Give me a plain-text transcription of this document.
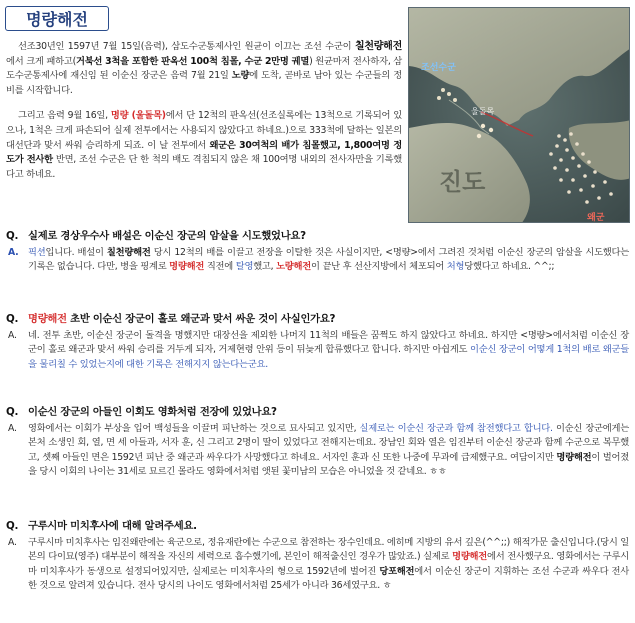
명량해전

선조30년인 1597년 7월 15일(음력), 삼도수군통제사인 원균이 이끄는 조선 수군이 칠천량해전에서 크게 패하고(거북선 3척을 포함한 판옥선 100척 침몰, 수군 2만명 궤멸) 원균마저 전사하자, 삼도수군통제사에 재신임 된 이순신 장군은 음력 7월 21일 노량에 도착, 곧바로 남아 있는 수군들의 정비를 시작합니다.

그리고 음력 9월 16일, 명량 (울돌목)에서 단 12척의 판옥선(선조실록에는 13척으로 기록되어 있으나, 1척은 크게 파손되어 실제 전투에서는 사용되지 않았다고 하네요.)으로 333척에 달하는 일본의 대선단과 맞서 싸워 승리하게 되죠. 이 날 전투에서 왜군은 30여척의 배가 침몰했고, 1,800여명 정도가 전사한 반면, 조선 수군은 단 한 척의 배도 격침되지 않은 채 100여명 내외의 전사자만을 기록했다고 하네요.

조선수군
울돌목
진도
왜군
Q. 실제로 경상우수사 배설은 이순신 장군의 암살을 시도했었나요?
A.	픽션입니다. 배설이 칠천량해전 당시 12척의 배를 이끌고 전장을 이탈한 것은 사실이지만, <명량>에서 그려진 것처럼 이순신 장군의 암살을 시도했다는 기록은 없습니다. 다만, 병을 핑계로 명량해전 직전에 탈영했고, 노량해전이 끝난 후 선산지방에서 체포되어 처형당했다고 하네요. ^^;;
Q. 명량해전 초반 이순신 장군이 홀로 왜군과 맞서 싸운 것이 사실인가요?
A.	네. 전투 초반, 이순신 장군이 돌격을 명했지만 대장선을 제외한 나머지 11척의 배들은 꿈쩍도 하지 않았다고 하네요. 하지만 <명량>에서처럼 이순신 장군이 홀로 왜군과 맞서 싸워 승리를 거두게 되자, 거제현령 안위 등이 뒤늦게 합류했다고 합니다. 하지만 아쉽게도 이순신 장군이 어떻게 1척의 배로 왜군들을 물리칠 수 있었는지에 대한 기록은 전해지지 않는다는군요.
Q. 이순신 장군의 아들인 이회도 영화처럼 전장에 있었나요?
A.	영화에서는 이회가 부상을 입어 백성들을 이끌며 피난하는 것으로 묘사되고 있지만, 실제로는 이순신 장군과 함께 참전했다고 합니다. 이순신 장군에게는 본처 소생인 회, 열, 면 세 아들과, 서자 훈, 신 그리고 2명이 딸이 있었다고 전해지는데요. 장남인 회와 열은 임진부터 이순신 장군과 함께 수군으로 복무했고, 셋째 아들인 면은 1592년 피난 중 왜군과 싸우다가 사망했다고 하네요. 서자인 훈과 신 또한 나중에 무과에 급제했구요. 여담이지만 명량해전이 벌어졌을 당시 이회의 나이는 31세로 묘르긴 몰라도 영화에서처럼 앳된 꽃미남의 모습은 아니었을 것 같네요. ㅎㅎ
Q. 구루시마 미치후사에 대해 알려주세요.
A.	구루시마 미치후사는 임진왜란에는 육군으로, 정유재란에는 수군으로 참전하는 장수인데요. 에히메 지방의 유서 깊은(^^;;) 해적가문 출신입니다.(당시 일본의 다이묘(영주) 대부분이 해적을 자신의 세력으로 흡수했기에, 본인이 해적출신인 경우가 많았죠.) 실제로 명량해전에서 전사했구요. 영화에서는 구루시마 미치후사가 동생으로 설정되어있지만, 실제로는 미치후사의 형으로 1592년에 벌어진 당포해전에서 이순신 장군이 지휘하는 조선 수군과 싸우다 전사한 것으로 알려져 있습니다. 전사 당시의 나이도 영화에서처럼 25세가 아니라 36세였구요. ㅎ
